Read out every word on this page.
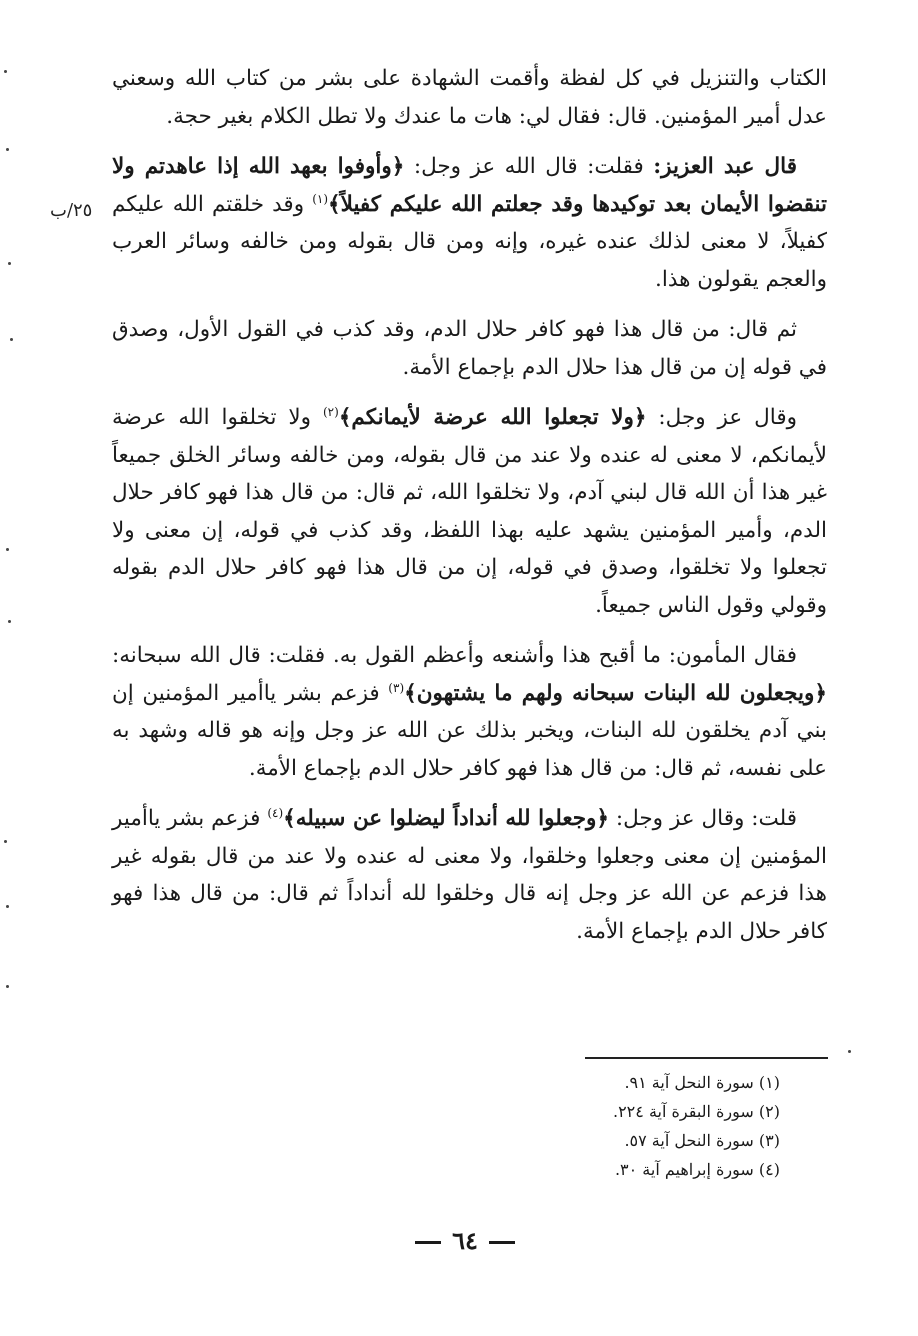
٢٥/ب

الكتاب والتنزيل في كل لفظة وأقمت الشهادة على بشر من كتاب الله وسعني عدل أمير المؤمنين. قال: فقال لي: هات ما عندك ولا تطل الكلام بغير حجة.

قال عبد العزيز: فقلت: قال الله عز وجل: ﴿وأوفوا بعهد الله إذا عاهدتم ولا تنقضوا الأيمان بعد توكيدها وقد جعلتم الله عليكم كفيلاً﴾$^{(١)}$ وقد خلقتم الله عليكم كفيلاً، لا معنى لذلك عنده غيره، وإنه ومن قال بقوله ومن خالفه وسائر العرب والعجم يقولون هذا.

ثم قال: من قال هذا فهو كافر حلال الدم، وقد كذب في القول الأول، وصدق في قوله إن من قال هذا حلال الدم بإجماع الأمة.

وقال عز وجل: ﴿ولا تجعلوا الله عرضة لأيمانكم﴾$^{(٢)}$ ولا تخلقوا الله عرضة لأيمانكم، لا معنى له عنده ولا عند من قال بقوله، ومن خالفه وسائر الخلق جميعاً غير هذا أن الله قال لبني آدم، ولا تخلقوا الله، ثم قال: من قال هذا فهو كافر حلال الدم، وأمير المؤمنين يشهد عليه بهذا اللفظ، وقد كذب في قوله، إن معنى ولا تجعلوا ولا تخلقوا، وصدق في قوله، إن من قال هذا فهو كافر حلال الدم بقوله وقولي وقول الناس جميعاً.

فقال المأمون: ما أقبح هذا وأشنعه وأعظم القول به. فقلت: قال الله سبحانه: ﴿ويجعلون لله البنات سبحانه ولهم ما يشتهون﴾$^{(٣)}$ فزعم بشر ياأمير المؤمنين إن بني آدم يخلقون لله البنات، ويخبر بذلك عن الله عز وجل وإنه هو قاله وشهد به على نفسه، ثم قال: من قال هذا فهو كافر حلال الدم بإجماع الأمة.

قلت: وقال عز وجل: ﴿وجعلوا لله أنداداً ليضلوا عن سبيله﴾$^{(٤)}$ فزعم بشر ياأمير المؤمنين إن معنى وجعلوا وخلقوا، ولا معنى له عنده ولا عند من قال بقوله غير هذا فزعم عن الله عز وجل إنه قال وخلقوا لله أنداداً ثم قال: من قال هذا فهو كافر حلال الدم بإجماع الأمة.

(١) سورة النحل آية ٩١.

(٢) سورة البقرة آية ٢٢٤.

(٣) سورة النحل آية ٥٧.

(٤) سورة إبراهيم آية ٣٠.

٦٤
